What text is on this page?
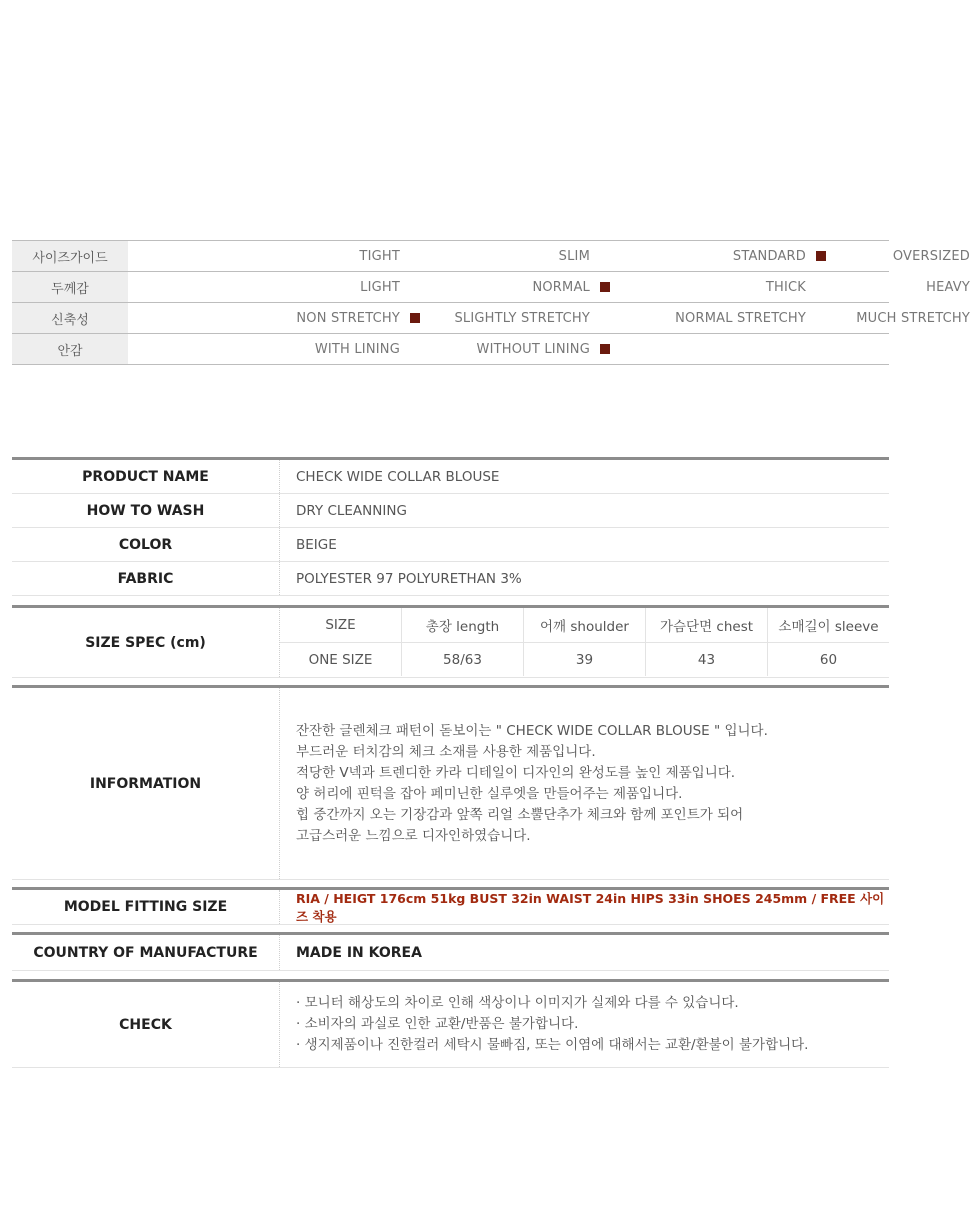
사이즈가이드	TIGHT	SLIM	STANDARD	OVERSIZED
두께감	LIGHT	NORMAL	THICK	HEAVY
신축성	NON STRETCHY	SLIGHTLY STRETCHY	NORMAL STRETCHY	MUCH STRETCHY
안감	WITH LINING	WITHOUT LINING
PRODUCT NAME	CHECK WIDE COLLAR BLOUSE
HOW TO WASH	DRY CLEANNING
COLOR	BEIGE
FABRIC	POLYESTER 97 POLYURETHAN 3%
SIZE SPEC (cm)
SIZE	총장 length	어깨 shoulder	가슴단면 chest	소매길이 sleeve
ONE SIZE	58/63	39	43	60
INFORMATION
잔잔한 글렌체크 패턴이 돋보이는 " CHECK WIDE COLLAR BLOUSE " 입니다.
부드러운 터치감의 체크 소재를 사용한 제품입니다.
적당한 V넥과 트렌디한 카라 디테일이 디자인의 완성도를 높인 제품입니다.
양 허리에 핀턱을 잡아 페미닌한 실루엣을 만들어주는 제품입니다.
힙 중간까지 오는 기장감과 앞쪽 리얼 소뿔단추가 체크와 함께 포인트가 되어
고급스러운 느낌으로 디자인하였습니다.
MODEL FITTING SIZE
RIA / HEIGT 176cm 51kg BUST 32in WAIST 24in HIPS 33in SHOES 245mm / FREE 사이즈 착용
COUNTRY OF MANUFACTURE	MADE IN KOREA
CHECK
· 모니터 해상도의 차이로 인해 색상이나 이미지가 실제와 다를 수 있습니다.
· 소비자의 과실로 인한 교환/반품은 불가합니다.
· 생지제품이나 진한컬러 세탁시 물빠짐, 또는 이염에 대해서는 교환/환불이 불가합니다.
